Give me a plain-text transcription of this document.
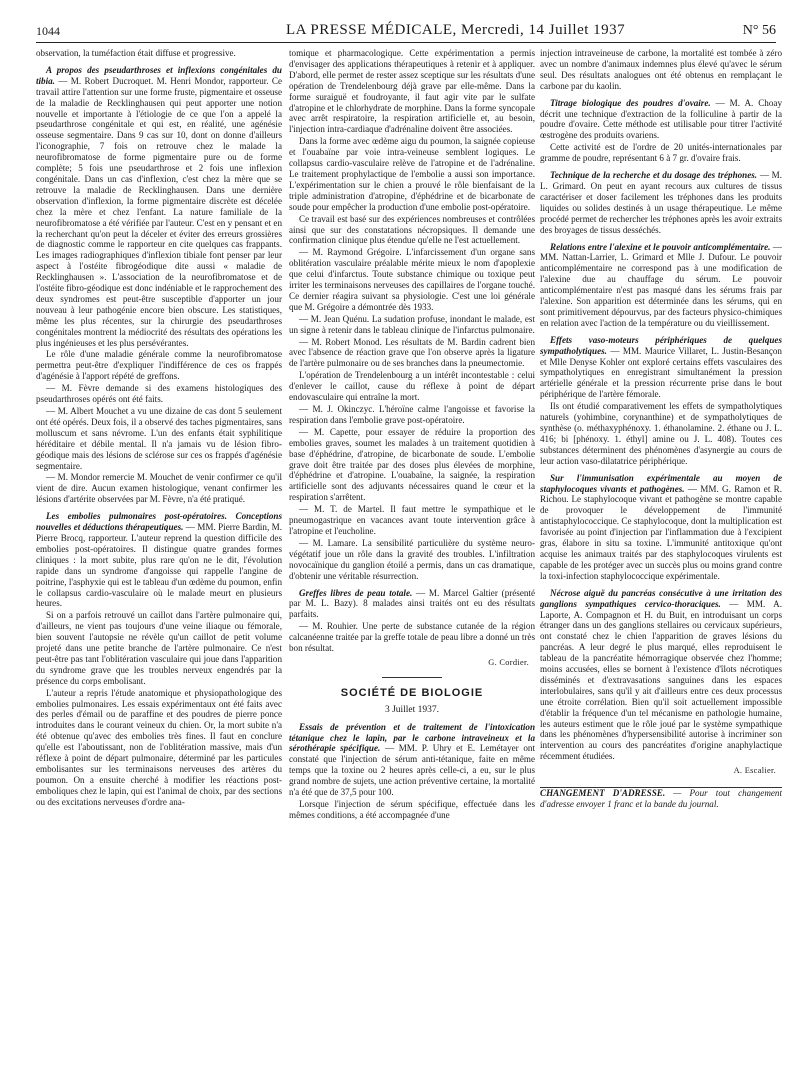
1044	LA PRESSE MÉDICALE, Mercredi, 14 Juillet 1937	N° 56

observation, la tuméfaction était diffuse et progressive.

A propos des pseudarthroses et inflexions congénitales du tibia. — M. Robert Ducroquet. M. Henri Mondor, rapporteur. Ce travail attire l'attention sur une forme fruste, pigmentaire et osseuse de la maladie de Recklinghausen qui peut apporter une notion nouvelle et importante à l'étiologie de ce que l'on a appelé la pseudarthrose congénitale et qui est, en réalité, une agénésie osseuse segmentaire. Dans 9 cas sur 10, dont on donne d'ailleurs l'iconographie, 7 fois on retrouve chez le malade la neurofibromatose de forme pigmentaire pure ou de forme complète; 5 fois une pseudarthrose et 2 fois une inflexion congénitale. Dans un cas d'inflexion, c'est chez la mère que se retrouve la maladie de Recklinghausen. Dans une dernière observation d'inflexion, la forme pigmentaire discrète est décelée chez la mère et chez l'enfant. La nature familiale de la neurofibromatose a été vérifiée par l'auteur. C'est en y pensant et en la recherchant qu'on peut la déceler et éviter des erreurs grossières de diagnostic comme le rapporteur en cite quelques cas frappants. Les images radiographiques d'inflexion tibiale font penser par leur aspect à l'ostéite fibrogéodique dite aussi « maladie de Recklinghausen ». L'association de la neurofibromatose et de l'ostéite fibro-géodique est donc indéniable et le rapprochement des deux syndromes est peut-être susceptible d'apporter un jour nouveau à leur pathogénie encore bien obscure. Les statistiques, même les plus récentes, sur la chirurgie des pseudarthroses congénitales montrent la médiocrité des résultats des opérations les plus ingénieuses et les plus persévérantes.

Le rôle d'une maladie générale comme la neurofibromatose permettra peut-être d'expliquer l'indifférence de ces os frappés d'agénésie à l'apport répété de greffons.

— M. Fèvre demande si des examens histologiques des pseudarthroses opérés ont été faits.

— M. Albert Mouchet a vu une dizaine de cas dont 5 seulement ont été opérés. Deux fois, il a observé des taches pigmentaires, sans molluscum et sans névrome. L'un des enfants était syphilitique héréditaire et débile mental. Il n'a jamais vu de lésion fibro-géodique mais des lésions de sclérose sur ces os frappés d'agénésie segmentaire.

— M. Mondor remercie M. Mouchet de venir confirmer ce qu'il vient de dire. Aucun examen histologique, venant confirmer les lésions d'artérite observées par M. Fèvre, n'a été pratiqué.

Les embolies pulmonaires post-opératoires. Conceptions nouvelles et déductions thérapeutiques. — MM. Pierre Bardin, M. Pierre Brocq, rapporteur. L'auteur reprend la question difficile des embolies post-opératoires. Il distingue quatre grandes formes cliniques : la mort subite, plus rare qu'on ne le dit, l'évolution rapide dans un syndrome d'angoisse qui rappelle l'angine de poitrine, l'asphyxie qui est le tableau d'un œdème du poumon, enfin le collapsus cardio-vasculaire où le malade meurt en plusieurs heures.

Si on a parfois retrouvé un caillot dans l'artère pulmonaire qui, d'ailleurs, ne vient pas toujours d'une veine iliaque ou fémorale, bien souvent l'autopsie ne révèle qu'un caillot de petit volume projeté dans une petite branche de l'artère pulmonaire. Ce n'est peut-être pas tant l'oblitération vasculaire qui joue dans l'apparition du syndrome grave que les troubles nerveux engendrés par la présence du corps embolisant.

L'auteur a repris l'étude anatomique et physiopathologique des embolies pulmonaires. Les essais expérimentaux ont été faits avec des perles d'émail ou de paraffine et des poudres de pierre ponce introduites dans le courant veineux du chien. Or, la mort subite n'a été obtenue qu'avec des embolies très fines. Il faut en conclure qu'elle est l'aboutissant, non de l'oblitération massive, mais d'un réflexe à point de départ pulmonaire, déterminé par les particules embolisantes sur les terminaisons nerveuses des artères du poumon. On a ensuite cherché à modifier les réactions post-emboliques chez le lapin, qui est l'animal de choix, par des sections ou des excitations nerveuses d'ordre ana-

tomique et pharmacologique. Cette expérimentation a permis d'envisager des applications thérapeutiques à retenir et à appliquer. D'abord, elle permet de rester assez sceptique sur les résultats d'une opération de Trendelenbourg déjà grave par elle-même. Dans la forme suraiguë et foudroyante, il faut agir vite par le sulfate d'atropine et le chlorhydrate de morphine. Dans la forme syncopale avec arrêt respiratoire, la respiration artificielle et, au besoin, l'injection intra-cardiaque d'adrénaline doivent être associées.

Dans la forme avec œdème aigu du poumon, la saignée copieuse et l'ouabaïne par voie intra-veineuse semblent logiques. Le collapsus cardio-vasculaire relève de l'atropine et de l'adrénaline. Le traitement prophylactique de l'embolie a aussi son importance. L'expérimentation sur le chien a prouvé le rôle bienfaisant de la triple administration d'atropine, d'éphédrine et de bicarbonate de soude pour empêcher la production d'une embolie post-opératoire.

Ce travail est basé sur des expériences nombreuses et contrôlées ainsi que sur des constatations nécropsiques. Il demande une confirmation clinique plus étendue qu'elle ne l'est actuellement.

— M. Raymond Grégoire. L'infarcissement d'un organe sans oblitération vasculaire préalable mérite mieux le nom d'apoplexie que celui d'infarctus. Toute substance chimique ou toxique peut irriter les terminaisons nerveuses des capillaires de l'organe touché. Ce dernier réagira suivant sa physiologie. C'est une loi générale que M. Grégoire a démontrée dès 1933.

— M. Jean Quénu. La sudation profuse, inondant le malade, est un signe à retenir dans le tableau clinique de l'infarctus pulmonaire.

— M. Robert Monod. Les résultats de M. Bardin cadrent bien avec l'absence de réaction grave que l'on observe après la ligature de l'artère pulmonaire ou de ses branches dans la pneumectomie.

L'opération de Trendelenbourg a un intérêt incontestable : celui d'enlever le caillot, cause du réflexe à point de départ endovasculaire qui entraîne la mort.

— M. J. Okinczyc. L'héroïne calme l'angoisse et favorise la respiration dans l'embolie grave post-opératoire.

— M. Capette, pour essayer de réduire la proportion des embolies graves, soumet les malades à un traitement quotidien à base d'éphédrine, d'atropine, de bicarbonate de soude. L'embolie grave doit être traitée par des doses plus élevées de morphine, d'éphédrine et d'atropine. L'ouabaïne, la saignée, la respiration artificielle sont des adjuvants nécessaires quand le cœur et la respiration s'arrêtent.

— M. T. de Martel. Il faut mettre le sympathique et le pneumogastrique en vacances avant toute intervention grâce à l'atropine et l'eucholine.

— M. Lamare. La sensibilité particulière du système neuro-végétatif joue un rôle dans la gravité des troubles. L'infiltration novocaïnique du ganglion étoilé a permis, dans un cas dramatique, d'obtenir une véritable résurrection.

Greffes libres de peau totale. — M. Marcel Galtier (présenté par M. L. Bazy). 8 malades ainsi traités ont eu des résultats parfaits.

— M. Rouhier. Une perte de substance cutanée de la région calcanéenne traitée par la greffe totale de peau libre a donné un très bon résultat.

G. Cordier.
SOCIÉTÉ DE BIOLOGIE
3 Juillet 1937.

Essais de prévention et de traitement de l'intoxication tétanique chez le lapin, par le carbone intraveineux et la sérothérapie spécifique. — MM. P. Uhry et E. Lemétayer ont constaté que l'injection de sérum anti-tétanique, faite en même temps que la toxine ou 2 heures après celle-ci, a eu, sur le plus grand nombre de sujets, une action préventive certaine, la mortalité n'a été que de 37,5 pour 100.

Lorsque l'injection de sérum spécifique, effectuée dans les mêmes conditions, a été accompagnée d'une

injection intraveineuse de carbone, la mortalité est tombée à zéro avec un nombre d'animaux indemnes plus élevé qu'avec le sérum seul. Des résultats analogues ont été obtenus en remplaçant le carbone par du kaolin.

Titrage biologique des poudres d'ovaire. — M. A. Choay décrit une technique d'extraction de la folliculine à partir de la poudre d'ovaire. Cette méthode est utilisable pour titrer l'activité œstrogène des produits ovariens.

Cette activité est de l'ordre de 20 unités-internationales par gramme de poudre, représentant 6 à 7 gr. d'ovaire frais.

Technique de la recherche et du dosage des tréphones. — M. L. Grimard. On peut en ayant recours aux cultures de tissus caractériser et doser facilement les tréphones dans les produits liquides ou solides destinés à un usage thérapeutique. Le même procédé permet de rechercher les tréphones après les avoir extraits des broyages de tissus desséchés.

Relations entre l'alexine et le pouvoir anticomplémentaire. — MM. Nattan-Larrier, L. Grimard et Mlle J. Dufour. Le pouvoir anticomplémentaire ne correspond pas à une modification de l'alexine due au chauffage du sérum. Le pouvoir anticomplémentaire n'est pas masqué dans les sérums frais par l'alexine. Son apparition est déterminée dans les sérums, qui en sont primitivement dépourvus, par des facteurs physico-chimiques en relation avec l'action de la température ou du vieillissement.

Effets vaso-moteurs périphériques de quelques sympatholytiques. — MM. Maurice Villaret, L. Justin-Besançon et Mlle Denyse Kohler ont exploré certains effets vasculaires des sympatholytiques en enregistrant simultanément la pression artérielle générale et la pression récurrente prise dans le bout périphérique de l'artère fémorale.

Ils ont étudié comparativement les effets de sympatholytiques naturels (yohimbine, corynanthine) et de sympatholytiques de synthèse (o. méthaxyphénoxy. 1. éthanolamine. 2. éthane ou J. L. 416; bi [phénoxy. 1. éthyl] amine ou J. L. 408). Toutes ces substances déterminent des phénomènes d'asynergie au cours de leur action vaso-dilatatrice périphérique.

Sur l'immunisation expérimentale au moyen de staphylocoques vivants et pathogènes. — MM. G. Ramon et R. Richou. Le staphylocoque vivant et pathogène se montre capable de provoquer le développement de l'immunité antistaphylococcique. Ce staphylocoque, dont la multiplication est favorisée au point d'injection par l'inflammation due à l'excipient gras, élabore in situ sa toxine. L'immunité antitoxique qu'ont acquise les animaux traités par des staphylocoques virulents est capable de les protéger avec un succès plus ou moins grand contre la toxi-infection staphylococcique expérimentale.

Nécrose aiguë du pancréas consécutive à une irritation des ganglions sympathiques cervico-thoraciques. — MM. A. Laporte, A. Compagnon et H. du Buit, en introduisant un corps étranger dans un des ganglions stellaires ou cervicaux supérieurs, ont constaté chez le chien l'apparition de graves lésions du pancréas. A leur degré le plus marqué, elles reproduisent le tableau de la pancréatite hémorragique observée chez l'homme; moins accusées, elles se bornent à l'existence d'îlots nécrotiques disséminés et d'extravasations sanguines dans les espaces interlobulaires, sans qu'il y ait d'ailleurs entre ces deux processus une étroite corrélation. Bien qu'il soit actuellement impossible d'établir la fréquence d'un tel mécanisme en pathologie humaine, les auteurs estiment que le rôle joué par le système sympathique dans les phénomènes d'hypersensibilité autorise à incriminer son intervention au cours des pancréatites d'origine anaphylactique récemment étudiées.

A. Escalier.

CHANGEMENT D'ADRESSE. — Pour tout changement d'adresse envoyer 1 franc et la bande du journal.
